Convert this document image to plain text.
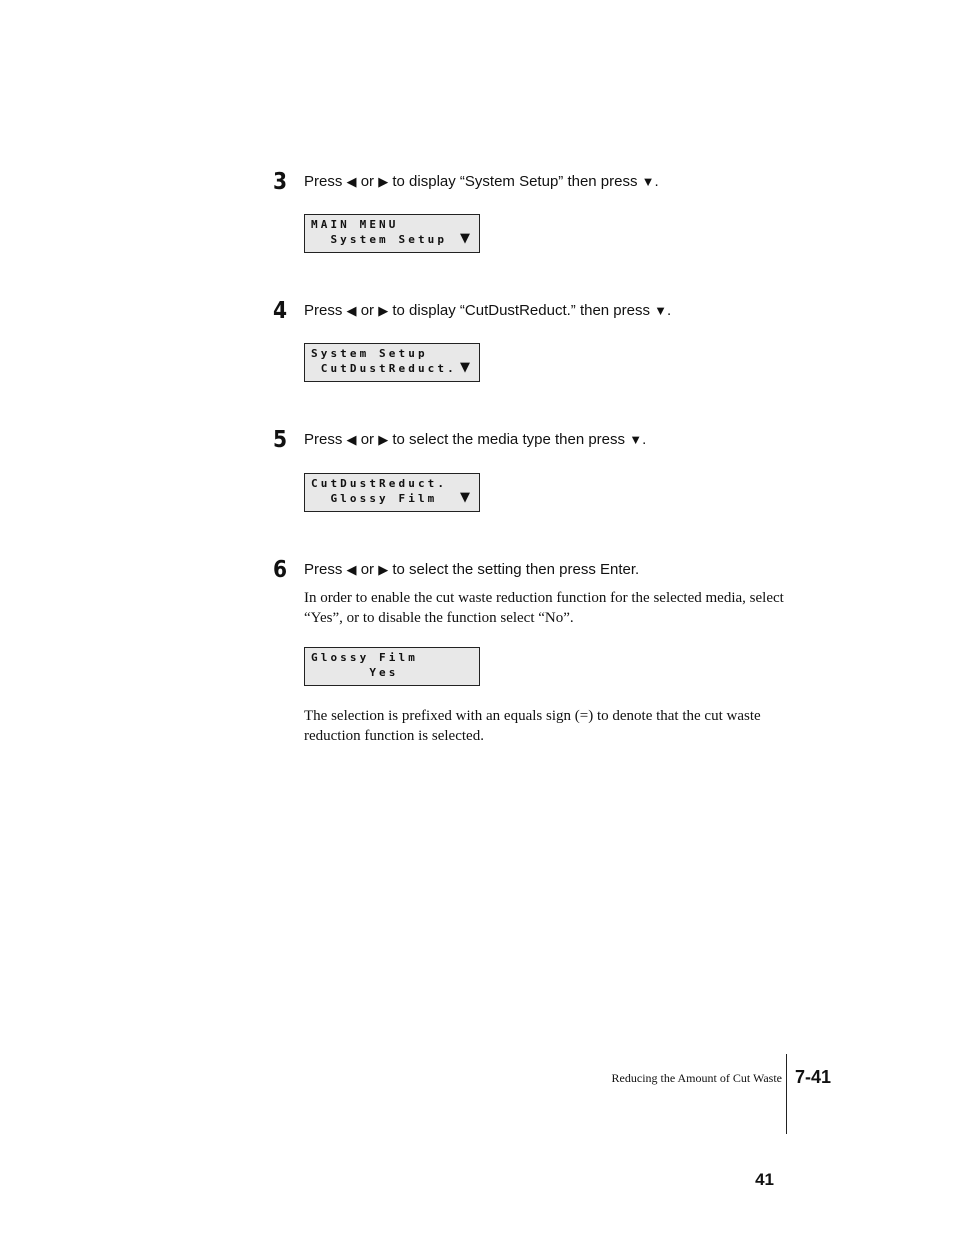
3 Press ◀ or ▶ to display “System Setup” then press ▼.
MAIN MENU
System Setup ▼
4 Press ◀ or ▶ to display “CutDustReduct.” then press ▼.
System Setup
CutDustReduct. ▼
5 Press ◀ or ▶ to select the media type then press ▼.
CutDustReduct.
Glossy Film ▼
6 Press ◀ or ▶ to select the setting then press Enter.
Glossy Film
Yes

In order to enable the cut waste reduction function for the selected media, select “Yes”, or to disable the function select “No”.

The selection is prefixed with an equals sign (=) to denote that the cut waste reduction function is selected.

Reducing the Amount of Cut Waste 7-41
41
